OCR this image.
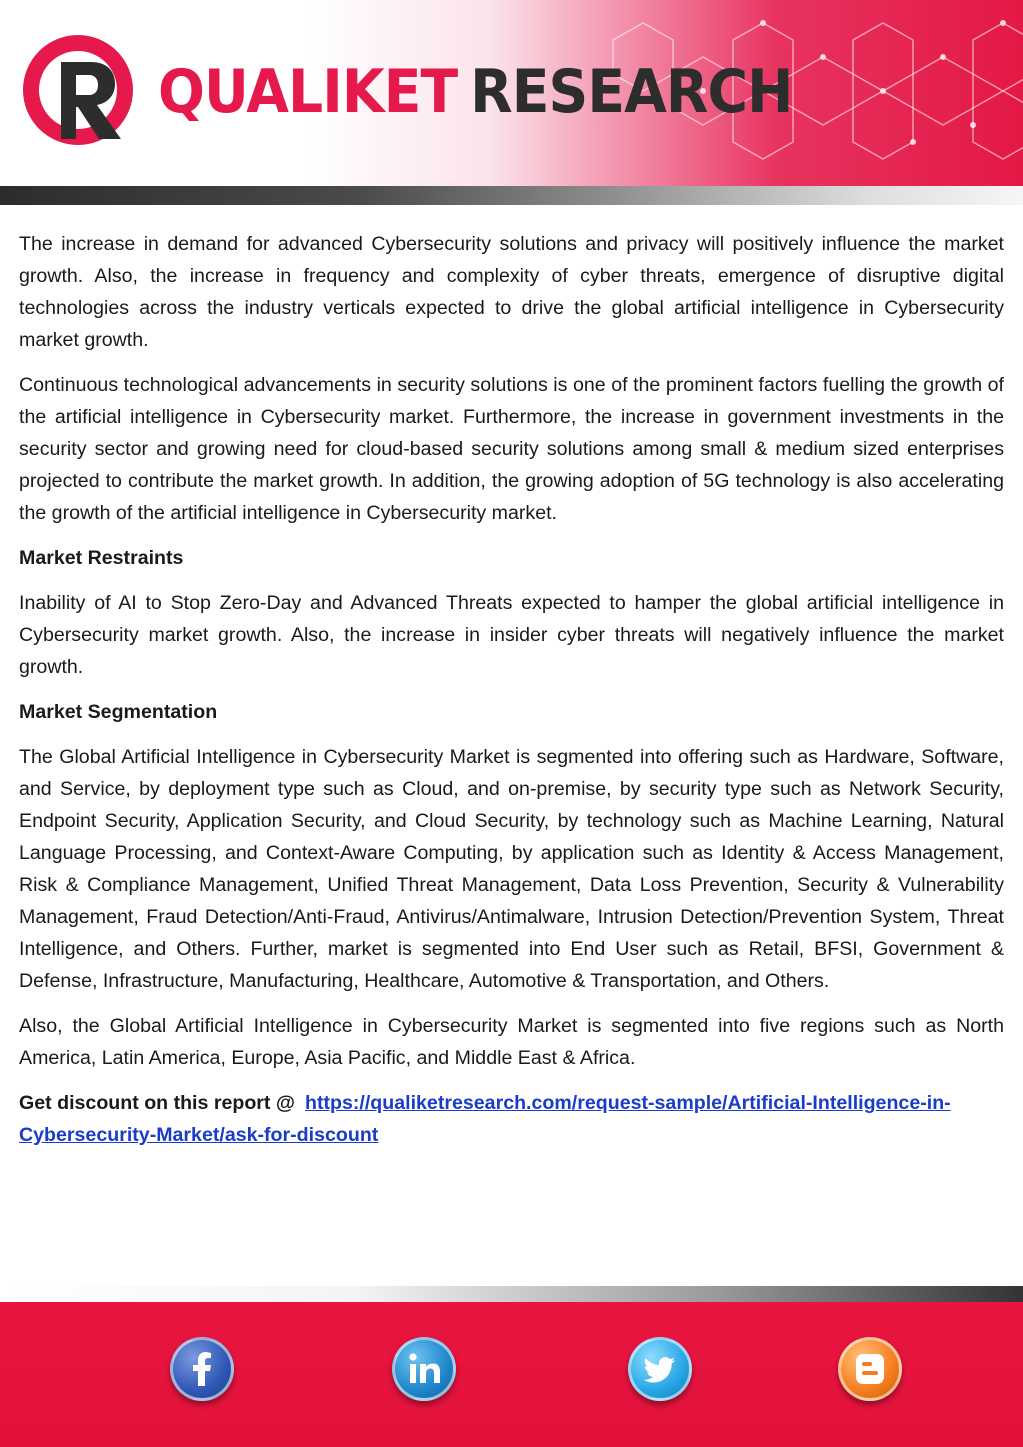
QUALIKET RESEARCH

The increase in demand for advanced Cybersecurity solutions and privacy will positively influence the market growth. Also, the increase in frequency and complexity of cyber threats, emergence of disruptive digital technologies across the industry verticals expected to drive the global artificial intelligence in Cybersecurity market growth.

Continuous technological advancements in security solutions is one of the prominent factors fuelling the growth of the artificial intelligence in Cybersecurity market. Furthermore, the increase in government investments in the security sector and growing need for cloud-based security solutions among small & medium sized enterprises projected to contribute the market growth. In addition, the growing adoption of 5G technology is also accelerating the growth of the artificial intelligence in Cybersecurity market.

Market Restraints

Inability of AI to Stop Zero-Day and Advanced Threats expected to hamper the global artificial intelligence in Cybersecurity market growth. Also, the increase in insider cyber threats will negatively influence the market growth.

Market Segmentation

The Global Artificial Intelligence in Cybersecurity Market is segmented into offering such as Hardware, Software, and Service, by deployment type such as Cloud, and on-premise, by security type such as Network Security, Endpoint Security, Application Security, and Cloud Security, by technology such as Machine Learning, Natural Language Processing, and Context-Aware Computing, by application such as Identity & Access Management, Risk & Compliance Management, Unified Threat Management, Data Loss Prevention, Security & Vulnerability Management, Fraud Detection/Anti-Fraud, Antivirus/Antimalware, Intrusion Detection/Prevention System, Threat Intelligence, and Others. Further, market is segmented into End User such as Retail, BFSI, Government & Defense, Infrastructure, Manufacturing, Healthcare, Automotive & Transportation, and Others.

Also, the Global Artificial Intelligence in Cybersecurity Market is segmented into five regions such as North America, Latin America, Europe, Asia Pacific, and Middle East & Africa.

Get discount on this report @ https://qualiketresearch.com/request-sample/Artificial-Intelligence-in-Cybersecurity-Market/ask-for-discount
